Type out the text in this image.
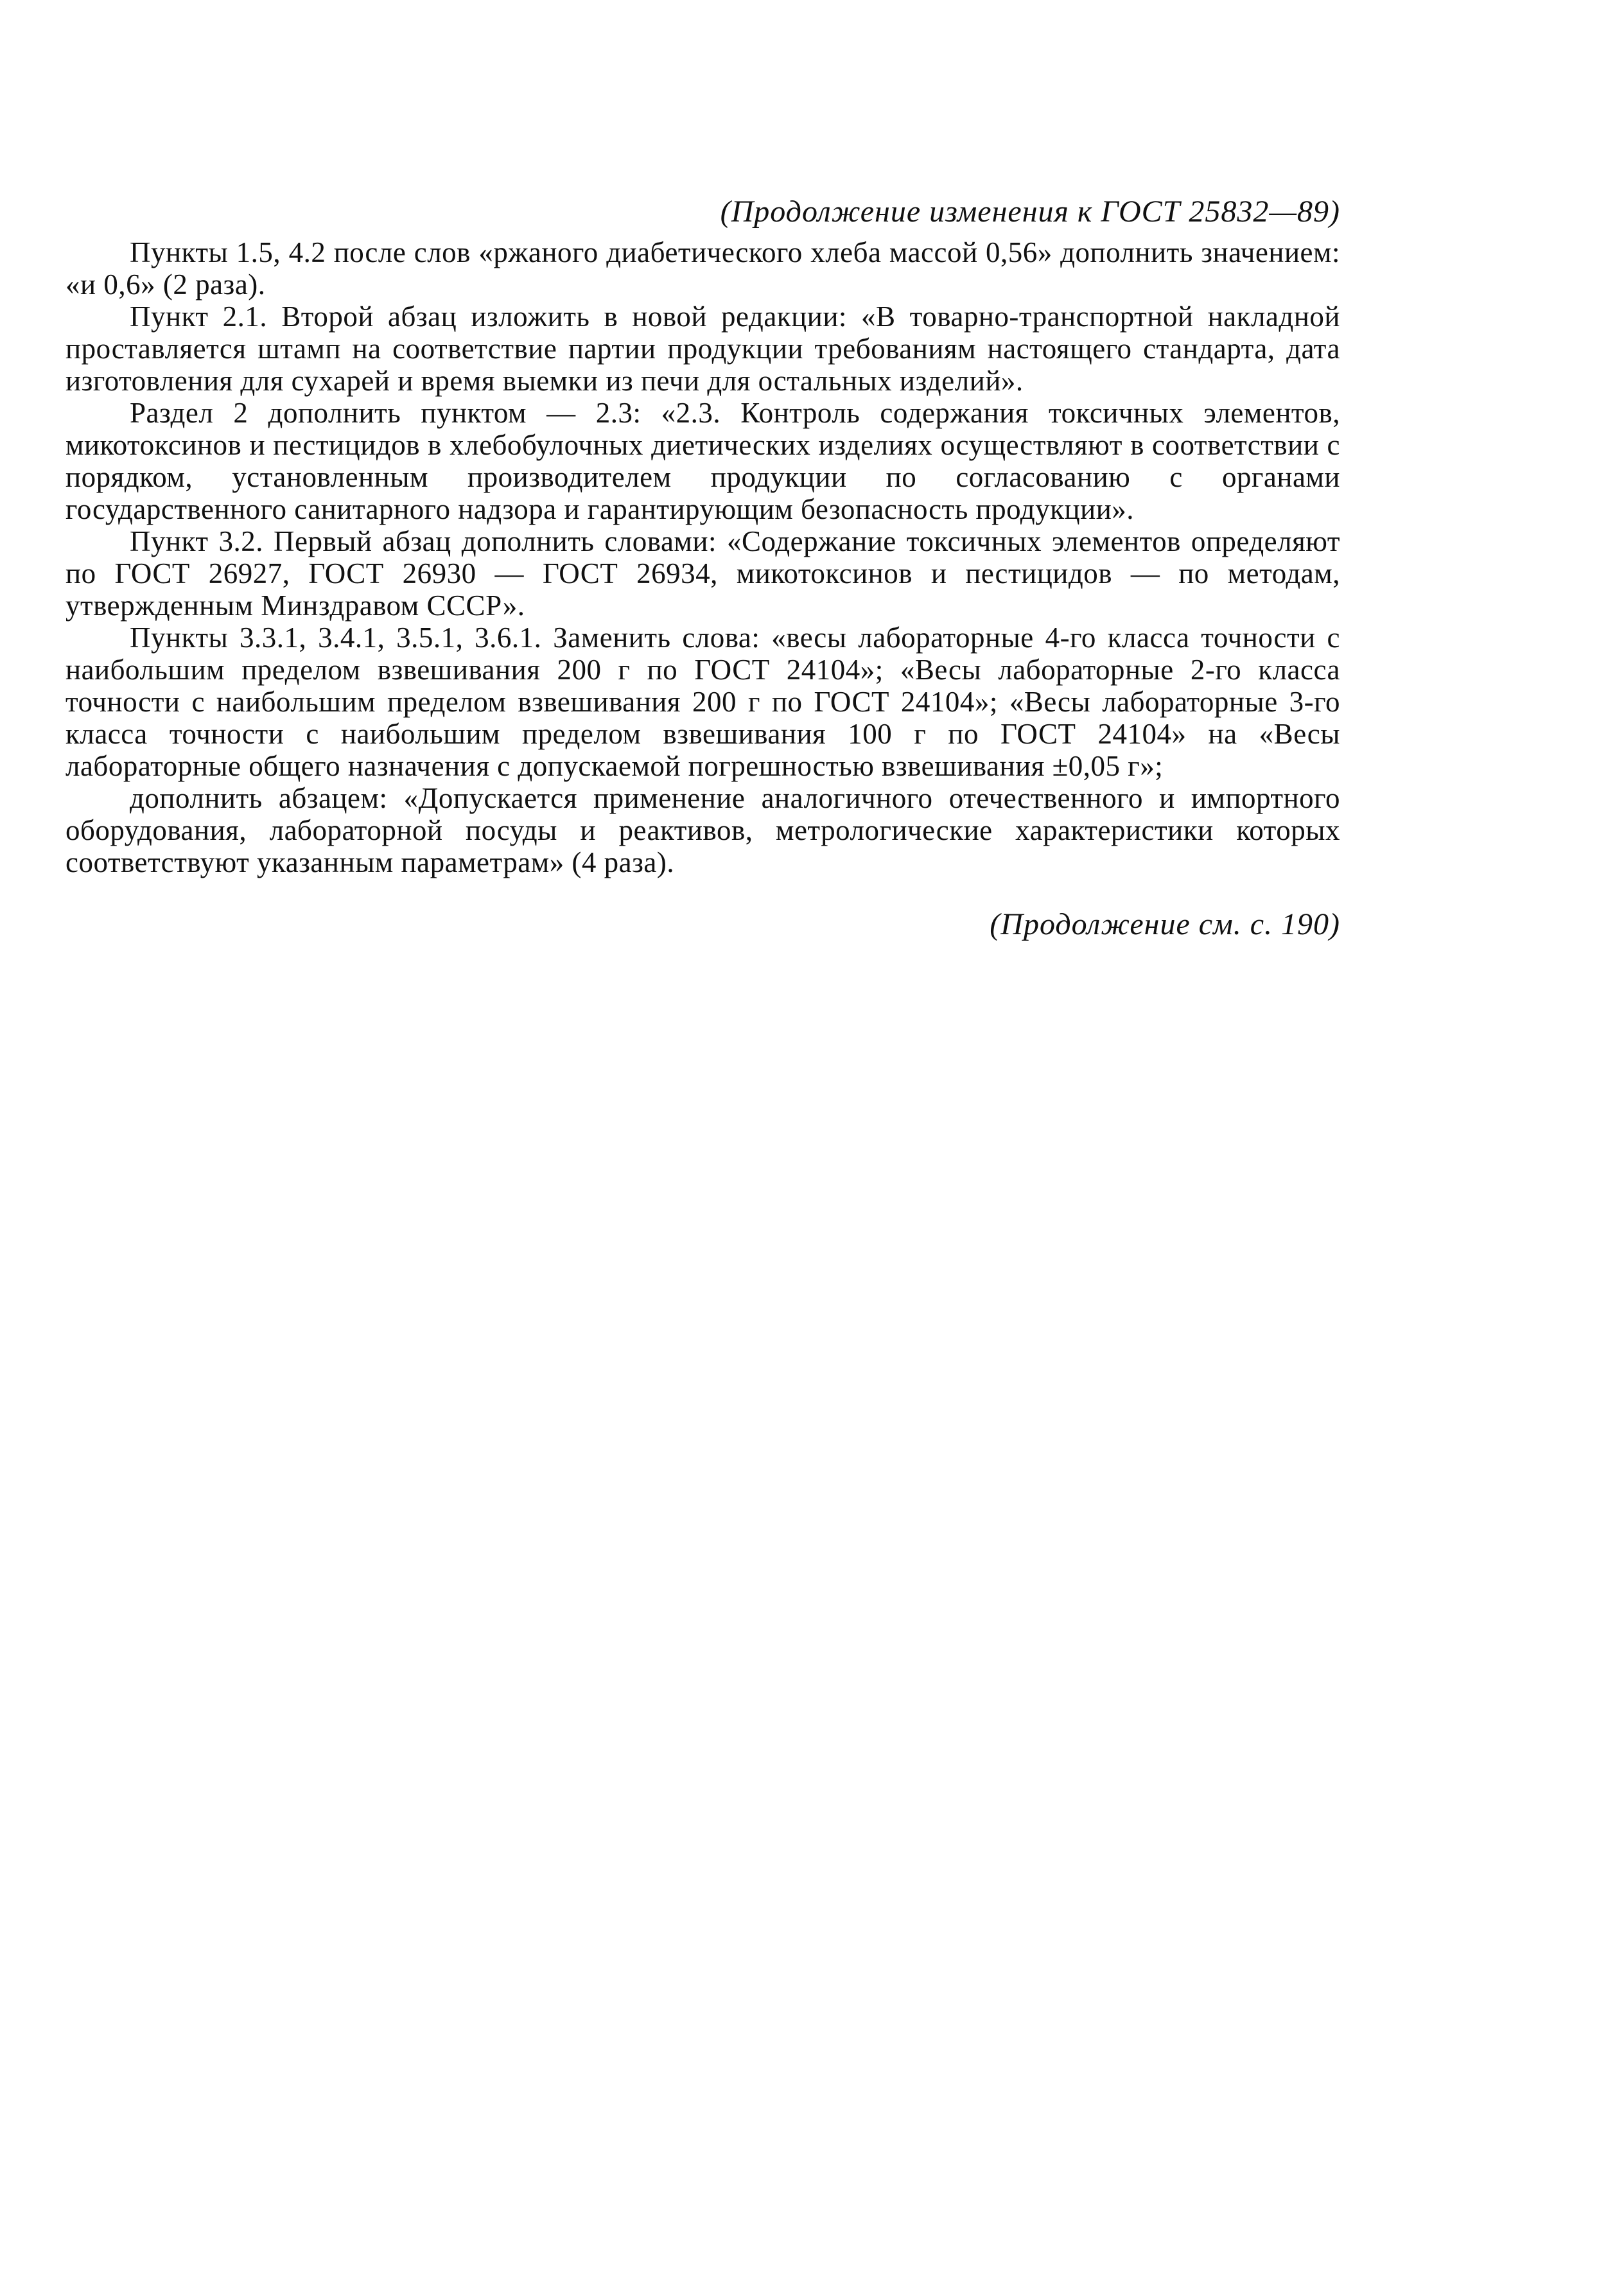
(Продолжение изменения к ГОСТ 25832—89)

Пункты 1.5, 4.2 после слов «ржаного диабетического хлеба массой 0,56» дополнить значением: «и 0,6» (2 раза).

Пункт 2.1. Второй абзац изложить в новой редакции: «В товарно-транспортной накладной проставляется штамп на соответствие партии продукции требованиям настоящего стандарта, дата изготовления для сухарей и время выемки из печи для остальных изделий».

Раздел 2 дополнить пунктом — 2.3: «2.3. Контроль содержания токсичных элементов, микотоксинов и пестицидов в хлебобулочных диетических изделиях осуществляют в соответствии с порядком, установленным производителем продукции по согласованию с органами государственного санитарного надзора и гарантирующим безопасность продукции».

Пункт 3.2. Первый абзац дополнить словами: «Содержание токсичных элементов определяют по ГОСТ 26927, ГОСТ 26930 — ГОСТ 26934, микотоксинов и пестицидов — по методам, утвержденным Минздравом СССР».

Пункты 3.3.1, 3.4.1, 3.5.1, 3.6.1. Заменить слова: «весы лабораторные 4-го класса точности с наибольшим пределом взвешивания 200 г по ГОСТ 24104»; «Весы лабораторные 2-го класса точности с наибольшим пределом взвешивания 200 г по ГОСТ 24104»; «Весы лабораторные 3-го класса точности с наибольшим пределом взвешивания 100 г по ГОСТ 24104» на «Весы лабораторные общего назначения с допускаемой погрешностью взвешивания ±0,05 г»;

дополнить абзацем: «Допускается применение аналогичного отечественного и импортного оборудования, лабораторной посуды и реактивов, метрологические характеристики которых соответствуют указанным параметрам» (4 раза).

(Продолжение см. с. 190)
